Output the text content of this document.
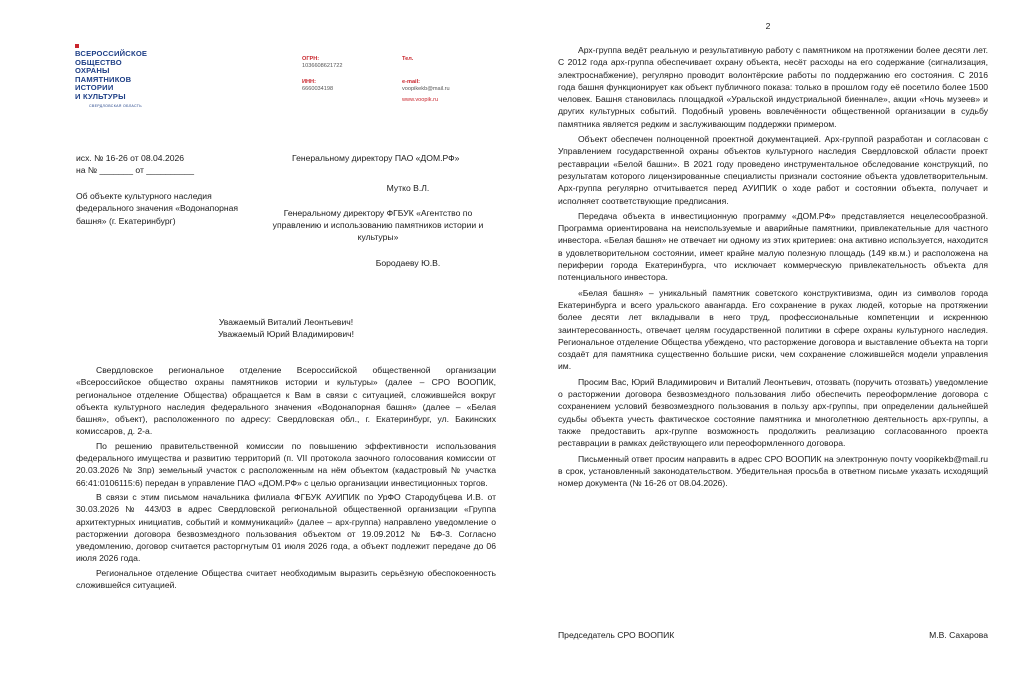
ВСЕРОССИЙСКОЕ
ОБЩЕСТВО
ОХРАНЫ
ПАМЯТНИКОВ
ИСТОРИИ
И КУЛЬТУРЫ
СВЕРДЛОВСКАЯ ОБЛАСТЬ
ОГРН:
1036608621722
ИНН:
6660034198
Тел.
e-mail:
voopikekb@mail.ru
www.voopik.ru
исх. № 16-26 от 08.04.2026
на № _______ от __________
Об объекте культурного наследия федерального значения «Водонапорная башня» (г. Екатеринбург)
Генеральному директору ПАО «ДОМ.РФ»
Мутко В.Л.
Генеральному директору ФГБУК «Агентство по управлению и использованию памятников истории и культуры»
Бородаеву Ю.В.
Уважаемый Виталий Леонтьевич!
Уважаемый Юрий Владимирович!

Свердловское региональное отделение Всероссийской общественной организации «Всероссийское общество охраны памятников истории и культуры» (далее – СРО ВООПИК, региональное отделение Общества) обращается к Вам в связи с ситуацией, сложившейся вокруг объекта культурного наследия федерального значения «Водонапорная башня» (далее – «Белая башня», объект), расположенного по адресу: Свердловская обл., г. Екатеринбург, ул. Бакинских комиссаров, д. 2-а.

По решению правительственной комиссии по повышению эффективности использования федерального имущества и развитию территорий (п. VII протокола заочного голосования комиссии от 20.03.2026 № 3пр) земельный участок с расположенным на нём объектом (кадастровый № участка 66:41:0106115:6) передан в управление ПАО «ДОМ.РФ» с целью организации инвестиционных торгов.

В связи с этим письмом начальника филиала ФГБУК АУИПИК по УрФО Стародубцева И.В. от 30.03.2026 № 443/03 в адрес Свердловской региональной общественной организации «Группа архитектурных инициатив, событий и коммуникаций» (далее – арх-группа) направлено уведомление о расторжении договора безвозмездного пользования объектом от 19.09.2012 № БФ-3. Согласно уведомлению, договор считается расторгнутым 01 июля 2026 года, а объект подлежит передаче до 06 июля 2026 года.

Региональное отделение Общества считает необходимым выразить серьёзную обеспокоенность сложившейся ситуацией.

2

Арх-группа ведёт реальную и результативную работу с памятником на протяжении более десяти лет. С 2012 года арх-группа обеспечивает охрану объекта, несёт расходы на его содержание (сигнализация, электроснабжение), регулярно проводит волонтёрские работы по поддержанию его состояния. С 2016 года башня функционирует как объект публичного показа: только в прошлом году её посетило более 1500 человек. Башня становилась площадкой «Уральской индустриальной биеннале», акции «Ночь музеев» и других культурных событий. Подобный уровень вовлечённости общественной организации в судьбу памятника является редким и заслуживающим поддержки примером.

Объект обеспечен полноценной проектной документацией. Арх-группой разработан и согласован с Управлением государственной охраны объектов культурного наследия Свердловской области проект реставрации «Белой башни». В 2021 году проведено инструментальное обследование конструкций, по результатам которого лицензированные специалисты признали состояние объекта удовлетворительным. Арх-группа регулярно отчитывается перед АУИПИК о ходе работ и состоянии объекта, получает и исполняет соответствующие предписания.

Передача объекта в инвестиционную программу «ДОМ.РФ» представляется нецелесообразной. Программа ориентирована на неиспользуемые и аварийные памятники, привлекательные для частного инвестора. «Белая башня» не отвечает ни одному из этих критериев: она активно используется, находится в удовлетворительном состоянии, имеет крайне малую полезную площадь (149 кв.м.) и расположена на периферии города Екатеринбурга, что исключает коммерческую привлекательность объекта для потенциального инвестора.

«Белая башня» – уникальный памятник советского конструктивизма, один из символов города Екатеринбурга и всего уральского авангарда. Его сохранение в руках людей, которые на протяжении более десяти лет вкладывали в него труд, профессиональные компетенции и искреннюю заинтересованность, отвечает целям государственной политики в сфере охраны культурного наследия. Региональное отделение Общества убеждено, что расторжение договора и выставление объекта на торги создаёт для памятника существенно большие риски, чем сохранение сложившейся модели управления им.

Просим Вас, Юрий Владимирович и Виталий Леонтьевич, отозвать (поручить отозвать) уведомление о расторжении договора безвозмездного пользования либо обеспечить переоформление договора с сохранением условий безвозмездного пользования в пользу арх-группы, при определении дальнейшей судьбы объекта учесть фактическое состояние памятника и многолетнюю деятельность арх-группы, а также предоставить арх-группе возможность продолжить реализацию согласованного проекта реставрации в рамках действующего или переоформленного договора.

Письменный ответ просим направить в адрес СРО ВООПИК на электронную почту voopikekb@mail.ru в срок, установленный законодательством. Убедительная просьба в ответном письме указать исходящий номер документа (№ 16-26 от 08.04.2026).

Председатель СРО ВООПИК	М.В. Сахарова
